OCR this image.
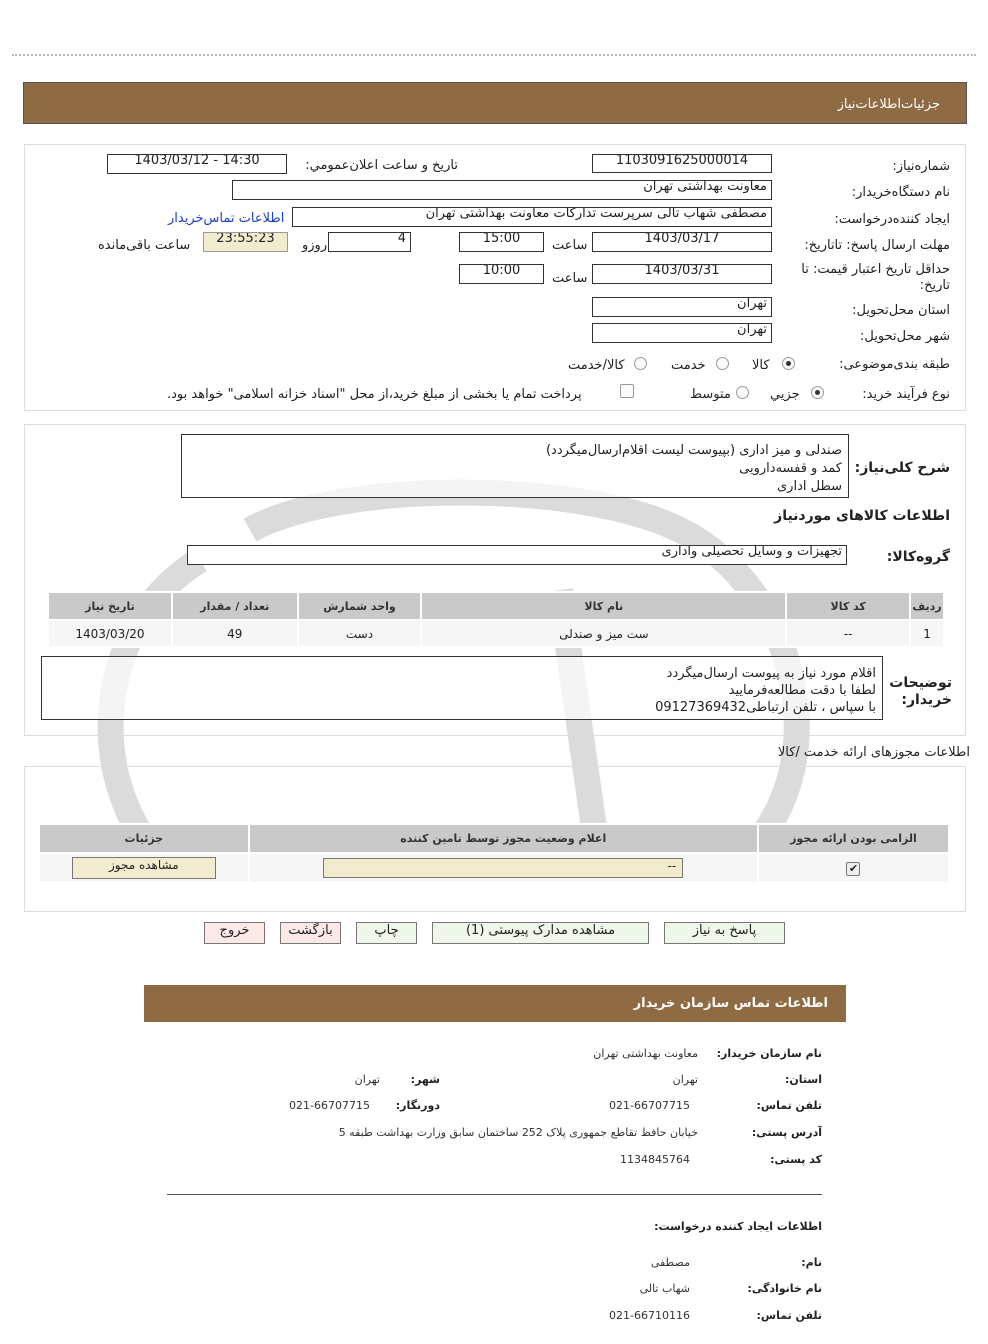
جزئیات‌اطلاعات‌نیاز
شماره‌نیاز:
1103091625000014
تاریخ و ساعت اعلان‌عمومي:
1403/03/12 - 14:30
نام دستگاه‌خریدار:
معاونت بهداشتی تهران
ایجاد کننده‌درخواست:
مصطفی شهاب تالی سرپرست تدارکات معاونت بهداشتی تهران
اطلاعات تماس‌خریدار
مهلت ارسال پاسخ: تاتاریخ:
1403/03/17
ساعت
15:00
4
روزو
23:55:23
ساعت باقی‌مانده
حداقل تاریخ اعتبار قیمت: تا تاریخ:
1403/03/31
ساعت
10:00
استان محل‌تحویل:
تهران
شهر محل‌تحویل:
تهران
طبقه بندی‌موضوعی:
کالا
خدمت
کالا/خدمت
نوع فرآیند خرید:
جزيي
متوسط
پرداخت تمام یا بخشی از مبلغ خرید،از محل "اسناد خزانه اسلامی" خواهد بود.
شرح کلی‌نیاز:
صندلی و میز اداری (بپیوست لیست اقلام‌ارسال‌میگردد)
کمد و قفسه‌دارویی
سطل اداری
اطلاعات کالاهای مورد‌نیاز
گروه‌کالا:
تجهیزات و وسایل تحصیلی واداری
ردیف	کد کالا	نام کالا	واحد شمارش	تعداد / مقدار	تاریخ نیاز
1	--	ست میز و صندلی	دست	49	1403/03/20
توضیحات
خریدار:
اقلام مورد نیاز به پیوست ارسال‌میگردد
لطفا با دقت مطالعه‌فرمایید
با سپاس ، تلفن ارتباطی09127369432
اطلاعات مجوزهای ارائه خدمت /کالا
الزامی بودن ارائه مجوز	اعلام وضعیت مجوز توسط تامین کننده	جزئیات
✔	--	مشاهده مجوز
پاسخ به نیاز
مشاهده مدارک پیوستی (1)
چاپ
بازگشت
خروج
اطلاعات تماس سازمان خریدار
نام سازمان خریدار:
معاونت بهداشتی تهران
استان:
تهران
شهر:
تهران
تلفن تماس:
021-66707715
دورنگار:
021-66707715
آدرس پستی:
خیابان حافظ تقاطع جمهوری پلاک 252 ساختمان سابق وزارت بهداشت طبقه 5
کد پستی:
1134845764
اطلاعات ایجاد کننده درخواست:
نام:
مصطفی
نام خانوادگی:
شهاب تالی
تلفن تماس:
021-66710116
